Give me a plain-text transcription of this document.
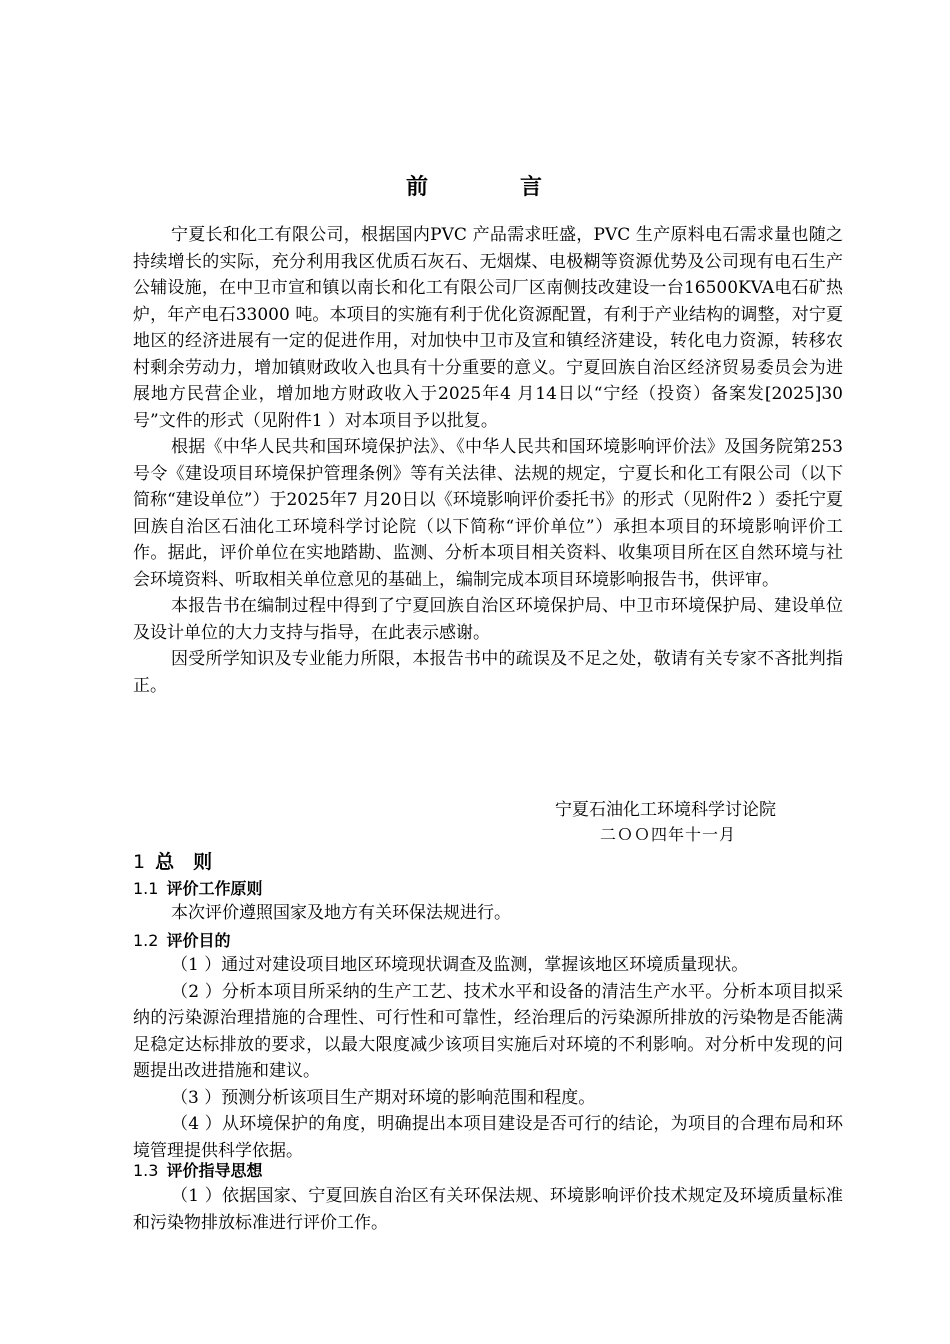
前	言

宁夏长和化工有限公司，根据国内PVC 产品需求旺盛，PVC 生产原料电石需求量也随之持续增长的实际，充分利用我区优质石灰石、无烟煤、电极糊等资源优势及公司现有电石生产公辅设施，在中卫市宣和镇以南长和化工有限公司厂区南侧技改建设一台16500KVA电石矿热炉，年产电石33000 吨。本项目的实施有利于优化资源配置，有利于产业结构的调整，对宁夏地区的经济进展有一定的促进作用，对加快中卫市及宣和镇经济建设，转化电力资源，转移农村剩余劳动力，增加镇财政收入也具有十分重要的意义。宁夏回族自治区经济贸易委员会为进展地方民营企业，增加地方财政收入于2025年4 月14日以“宁经（投资）备案发[2025]30号”文件的形式（见附件1 ）对本项目予以批复。

根据《中华人民共和国环境保护法》、《中华人民共和国环境影响评价法》及国务院第253 号令《建设项目环境保护管理条例》等有关法律、法规的规定，宁夏长和化工有限公司（以下简称“建设单位”）于2025年7 月20日以《环境影响评价委托书》的形式（见附件2 ）委托宁夏回族自治区石油化工环境科学讨论院（以下简称“评价单位”）承担本项目的环境影响评价工作。据此，评价单位在实地踏勘、监测、分析本项目相关资料、收集项目所在区自然环境与社会环境资料、听取相关单位意见的基础上，编制完成本项目环境影响报告书，供评审。

本报告书在编制过程中得到了宁夏回族自治区环境保护局、中卫市环境保护局、建设单位及设计单位的大力支持与指导，在此表示感谢。

因受所学知识及专业能力所限，本报告书中的疏误及不足之处，敬请有关专家不吝批判指正。

宁夏石油化工环境科学讨论院
二ＯＯ四年十一月
1 总　则
1.1 评价工作原则

本次评价遵照国家及地方有关环保法规进行。

1.2 评价目的

（1 ）通过对建设项目地区环境现状调查及监测，掌握该地区环境质量现状。

（2 ）分析本项目所采纳的生产工艺、技术水平和设备的清洁生产水平。分析本项目拟采纳的污染源治理措施的合理性、可行性和可靠性，经治理后的污染源所排放的污染物是否能满足稳定达标排放的要求，以最大限度减少该项目实施后对环境的不利影响。对分析中发现的问题提出改进措施和建议。

（3 ）预测分析该项目生产期对环境的影响范围和程度。

（4 ）从环境保护的角度，明确提出本项目建设是否可行的结论，为项目的合理布局和环境管理提供科学依据。

1.3 评价指导思想

（1 ）依据国家、宁夏回族自治区有关环保法规、环境影响评价技术规定及环境质量标准和污染物排放标准进行评价工作。
